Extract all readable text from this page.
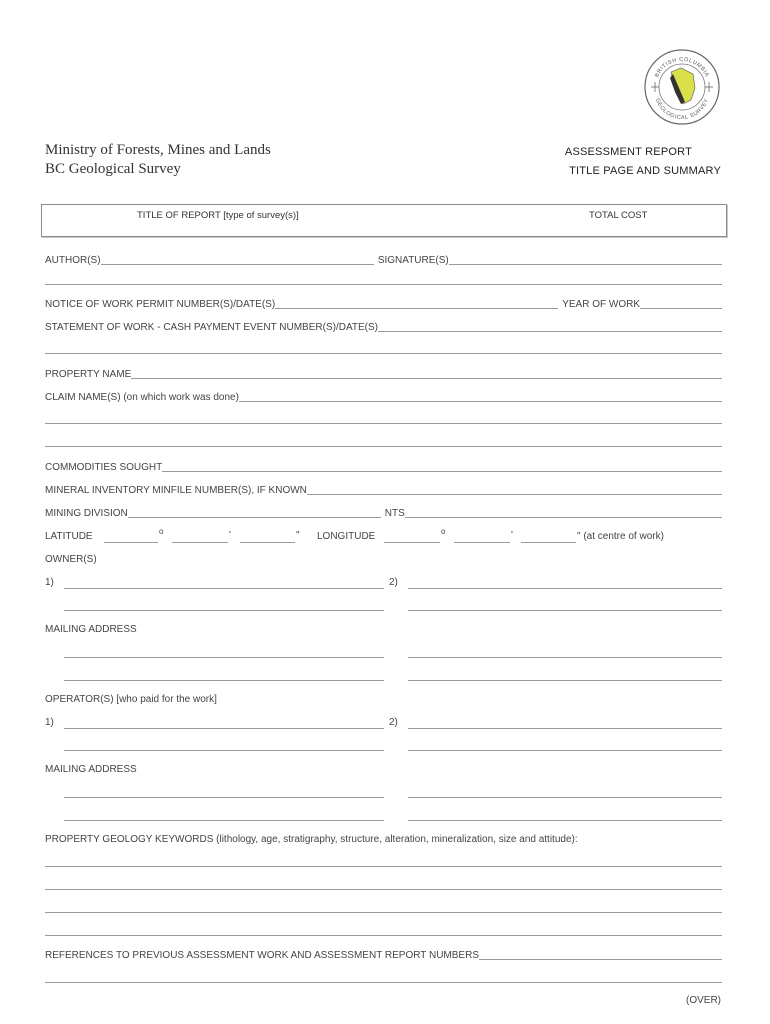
BRITISH COLUMBIA
GEOLOGICAL SURVEY
Ministry of Forests, Mines and Lands
BC Geological Survey
ASSESSMENT REPORT
TITLE PAGE AND SUMMARY
TITLE OF REPORT [type of survey(s)]	TOTAL COST
AUTHOR(S)	SIGNATURE(S)
NOTICE OF WORK PERMIT NUMBER(S)/DATE(S)	YEAR OF WORK
STATEMENT OF WORK - CASH PAYMENT EVENT NUMBER(S)/DATE(S)
PROPERTY NAME
CLAIM NAME(S) (on which work was done)
COMMODITIES SOUGHT
MINERAL INVENTORY MINFILE NUMBER(S), IF KNOWN
MINING DIVISION	NTS
LATITUDE	o	'	" LONGITUDE	o	'	" (at centre of work)
OWNER(S)
1)	2)
MAILING ADDRESS
OPERATOR(S) [who paid for the work]
1)	2)
MAILING ADDRESS
PROPERTY GEOLOGY KEYWORDS (lithology, age, stratigraphy, structure, alteration, mineralization, size and attitude):
REFERENCES TO PREVIOUS ASSESSMENT WORK AND ASSESSMENT REPORT NUMBERS
(OVER)
